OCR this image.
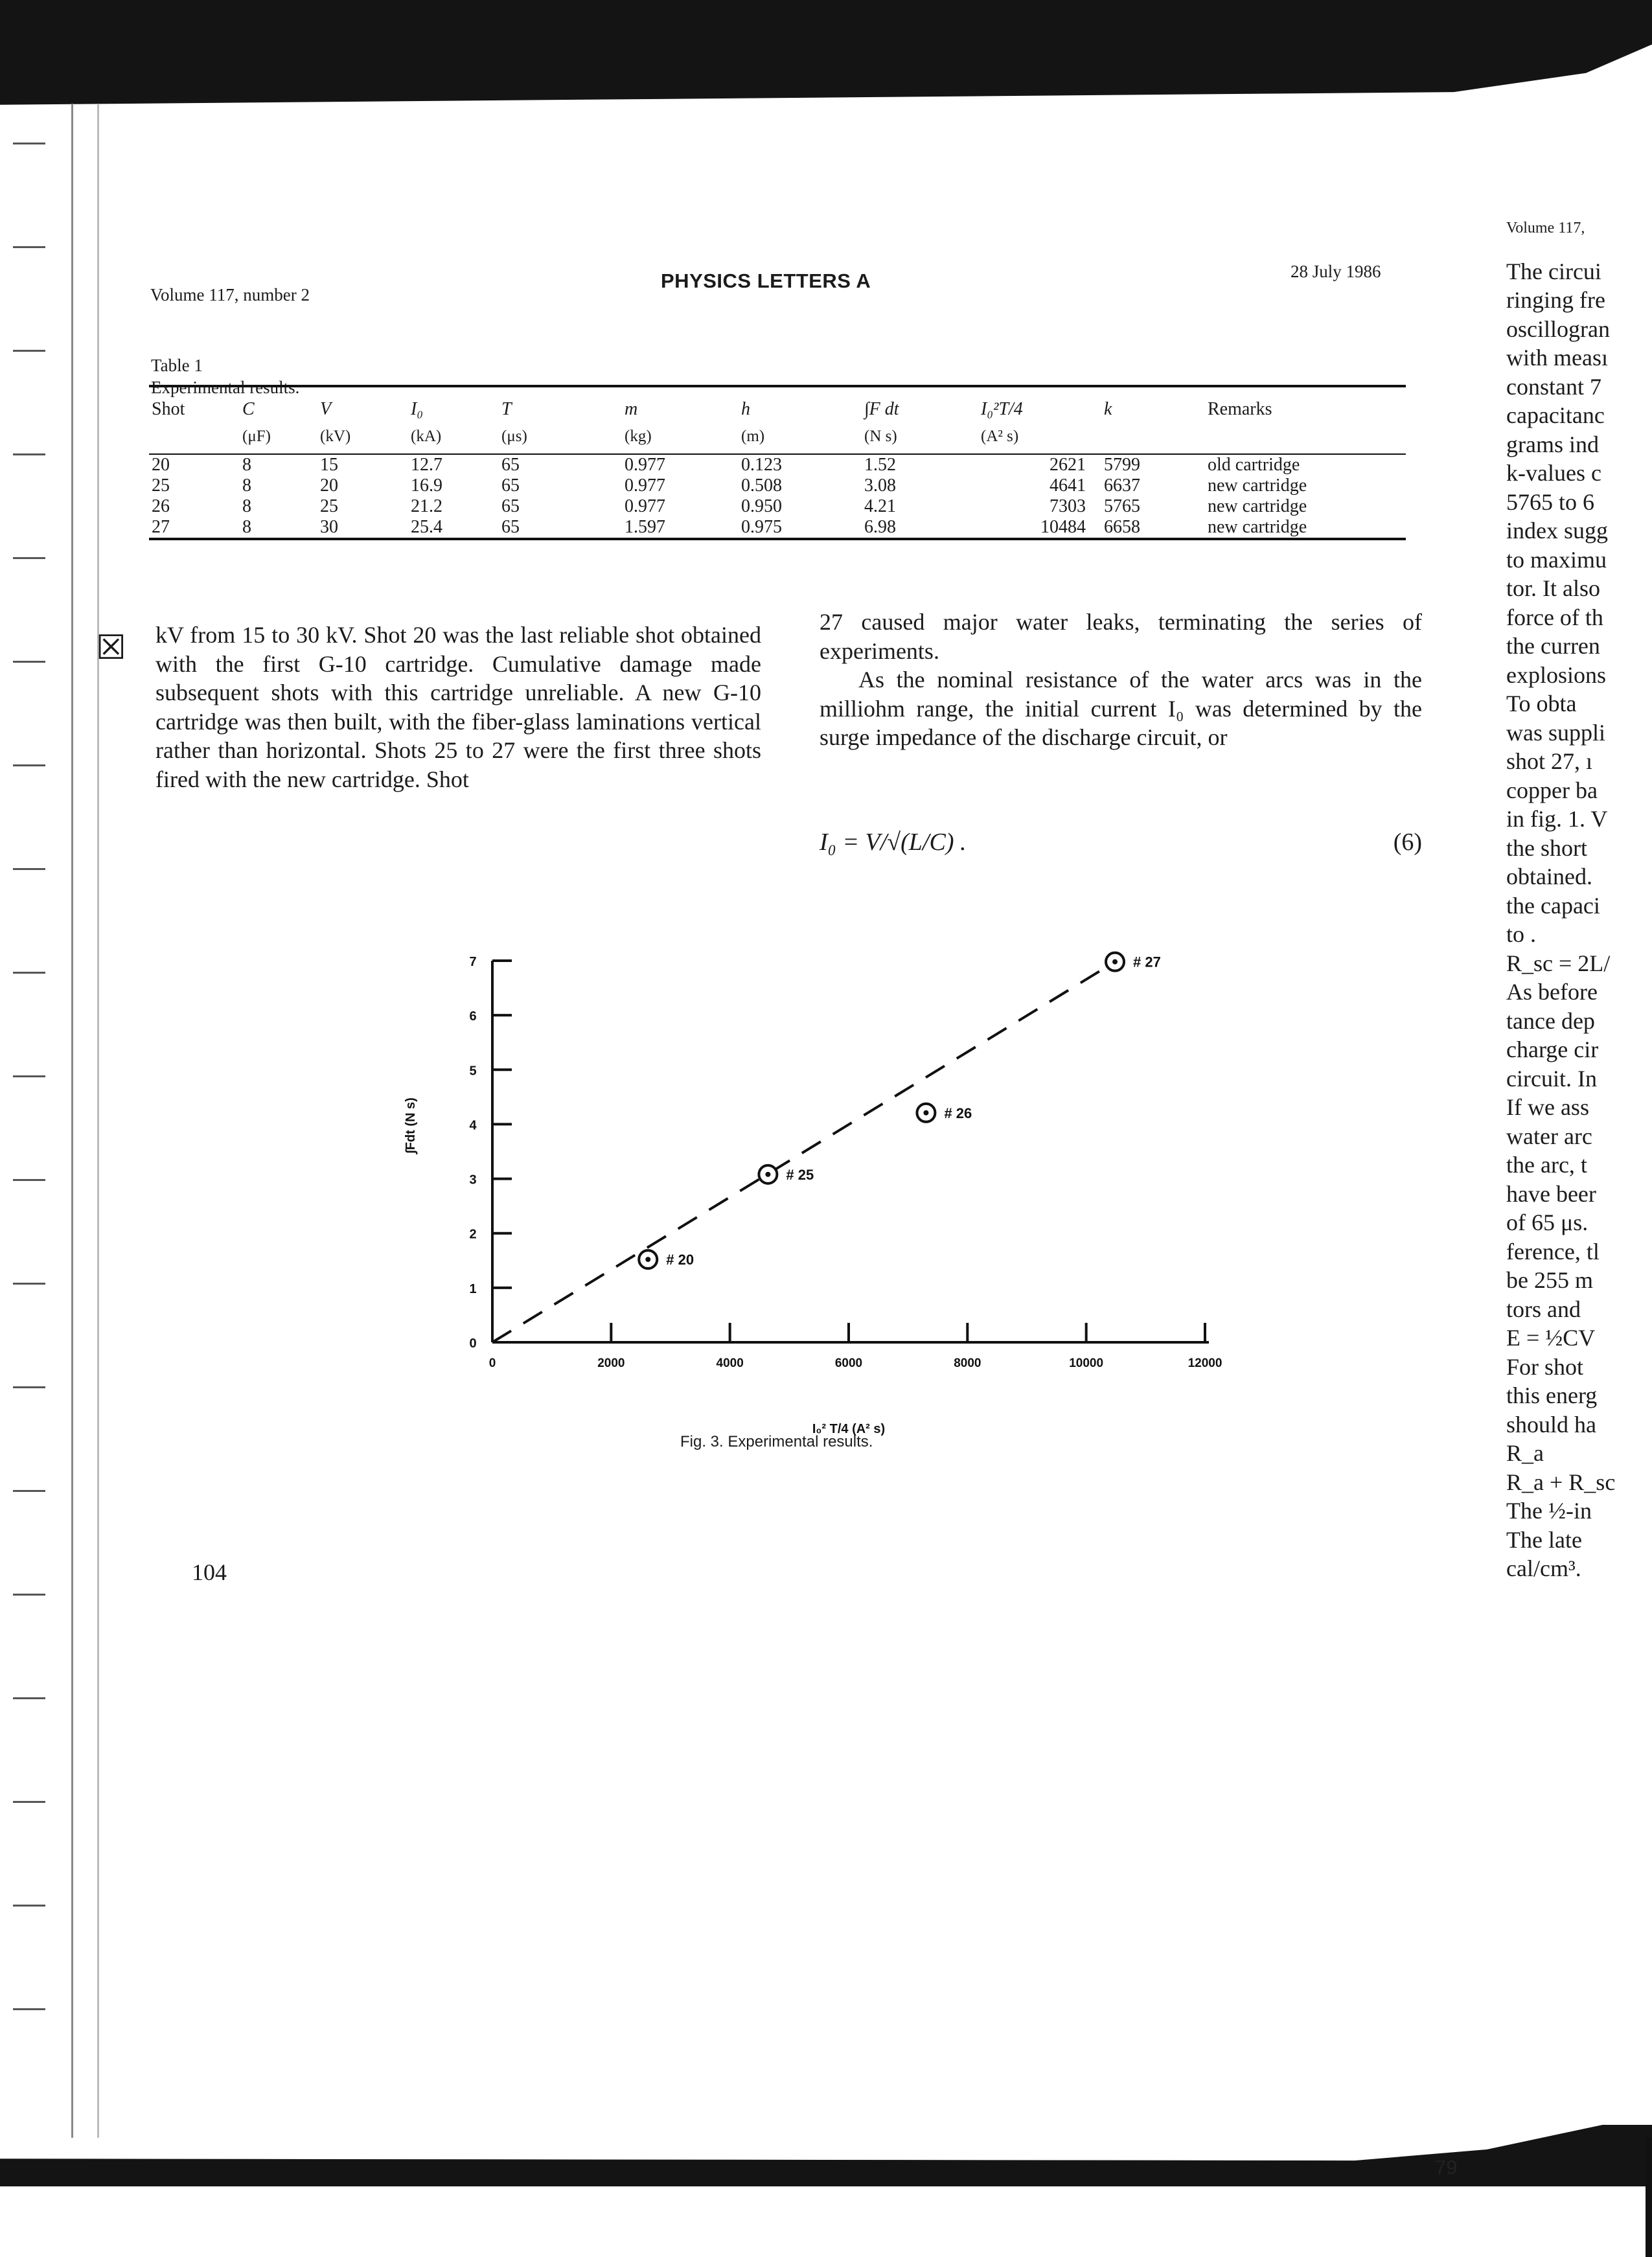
☒
Volume 117, number 2
PHYSICS LETTERS A	28 July 1986
Table 1
Experimental results.
Shot	C	V	I₀	T	m	h	∫F dt	I₀²T/4	k	Remarks
	(μF)	(kV)	(kA)	(μs)	(kg)	(m)	(N s)	(A² s)		
20	8	15	12.7	65	0.977	0.123	1.52	2621	5799	old cartridge
25	8	20	16.9	65	0.977	0.508	3.08	4641	6637	new cartridge
26	8	25	21.2	65	0.977	0.950	4.21	7303	5765	new cartridge
27	8	30	25.4	65	1.597	0.975	6.98	10484	6658	new cartridge

kV from 15 to 30 kV. Shot 20 was the last reliable shot obtained with the first G-10 cartridge. Cumulative damage made subsequent shots with this cartridge unreliable. A new G-10 cartridge was then built, with the fiber-glass laminations vertical rather than horizontal. Shots 25 to 27 were the first three shots fired with the new cartridge. Shot

27 caused major water leaks, terminating the series of experiments.

As the nominal resistance of the water arcs was in the milliohm range, the initial current I₀ was determined by the surge impedance of the discharge circuit, or

I₀ = V/√(L/C) .	(6)
0
1
2
3
4
5
6
7
0	2000	4000	6000	8000	10000	12000
# 20
# 25
# 26
# 27
I₀² T/4 (A² s)
∫Fdt (N s)
Fig. 3. Experimental results.
104
Volume 117,
The circui
ringing fre
oscillogran
with meası
constant 7
capacitanc
grams ind
k-values c
5765 to 6
index sugg
to maximu
tor. It also
force of th
the curren
explosions
To obta
was suppli
shot 27, ı
copper ba
in fig. 1. V
the short
obtained.
the capaci
to .
R_sc = 2L/
As before
tance dep
charge cir
circuit. In
If we ass
water arc
the arc, t
have beer
of 65 μs.
ference, tl
be 255 m
tors and
E = ½CV
For shot
this energ
should ha
R_a
R_a + R_sc
The ½-in
The late
cal/cm³.
79
